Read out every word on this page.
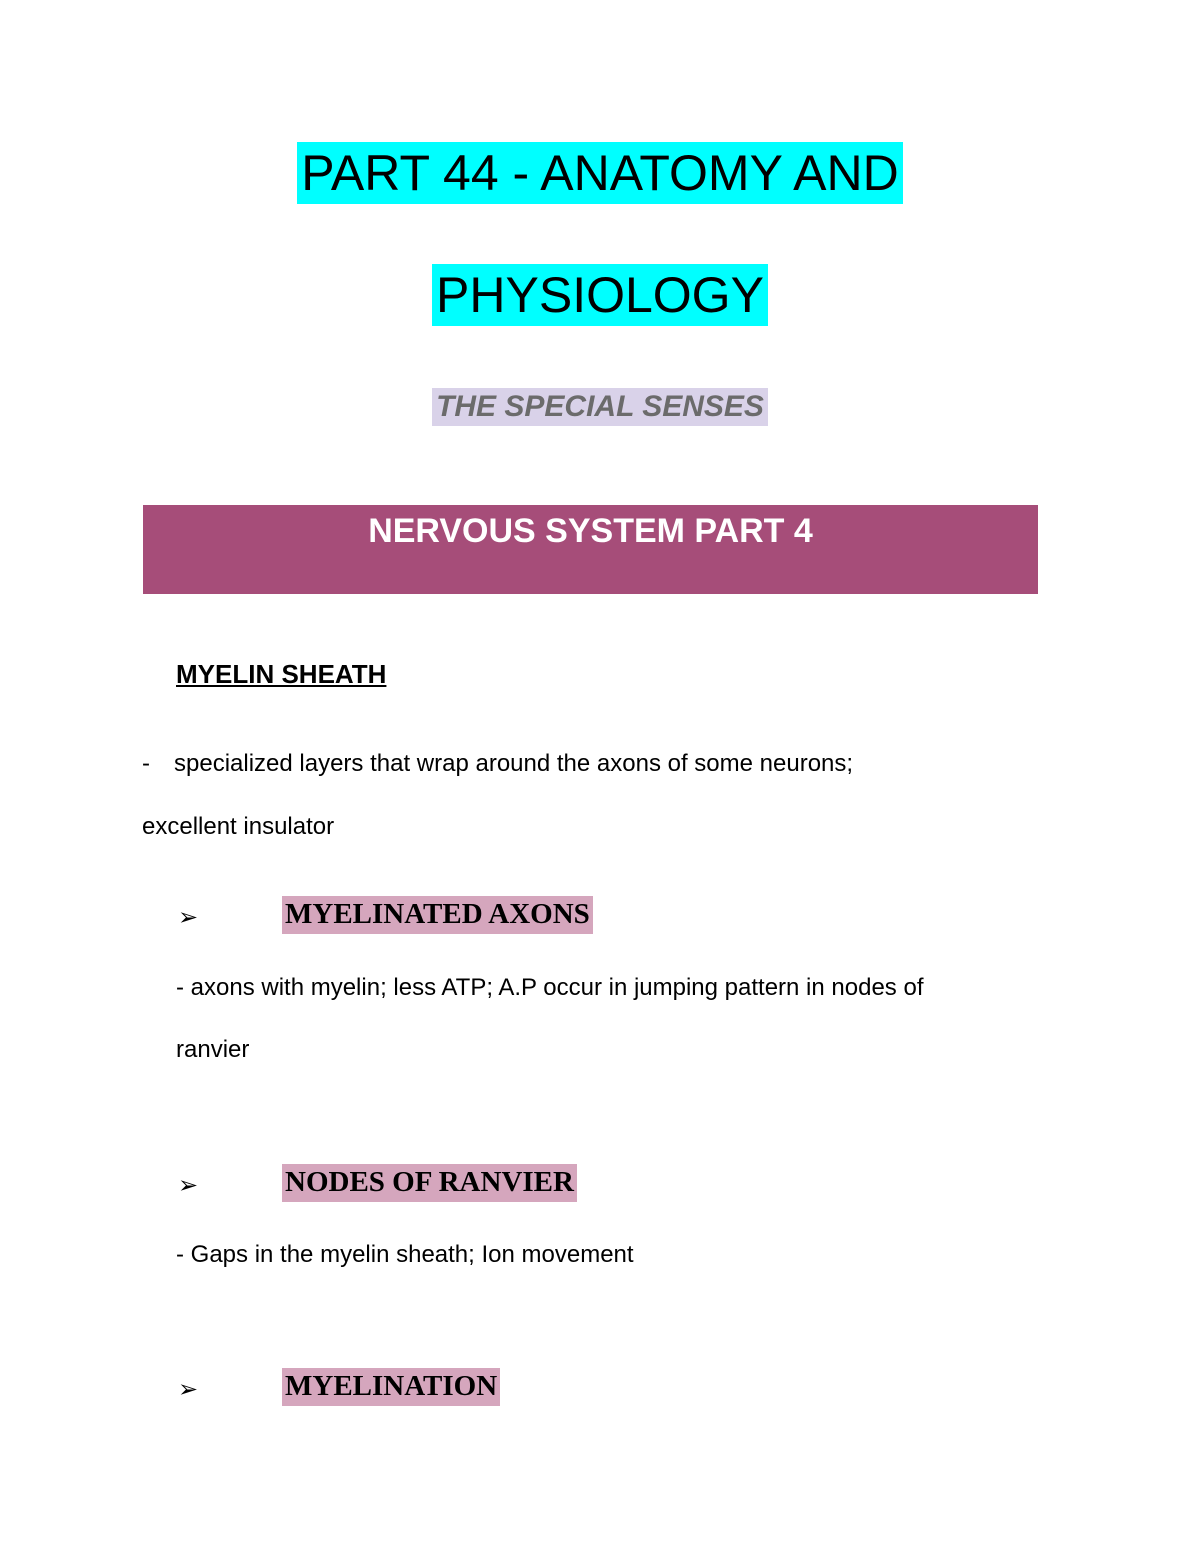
PART 44 - ANATOMY AND
PHYSIOLOGY
THE SPECIAL SENSES
NERVOUS SYSTEM PART 4
MYELIN SHEATH
- specialized layers that wrap around the axons of some neurons;
excellent insulator
➢	MYELINATED AXONS
- axons with myelin; less ATP; A.P occur in jumping pattern in nodes of
ranvier
➢	NODES OF RANVIER
- Gaps in the myelin sheath; Ion movement
➢	MYELINATION
